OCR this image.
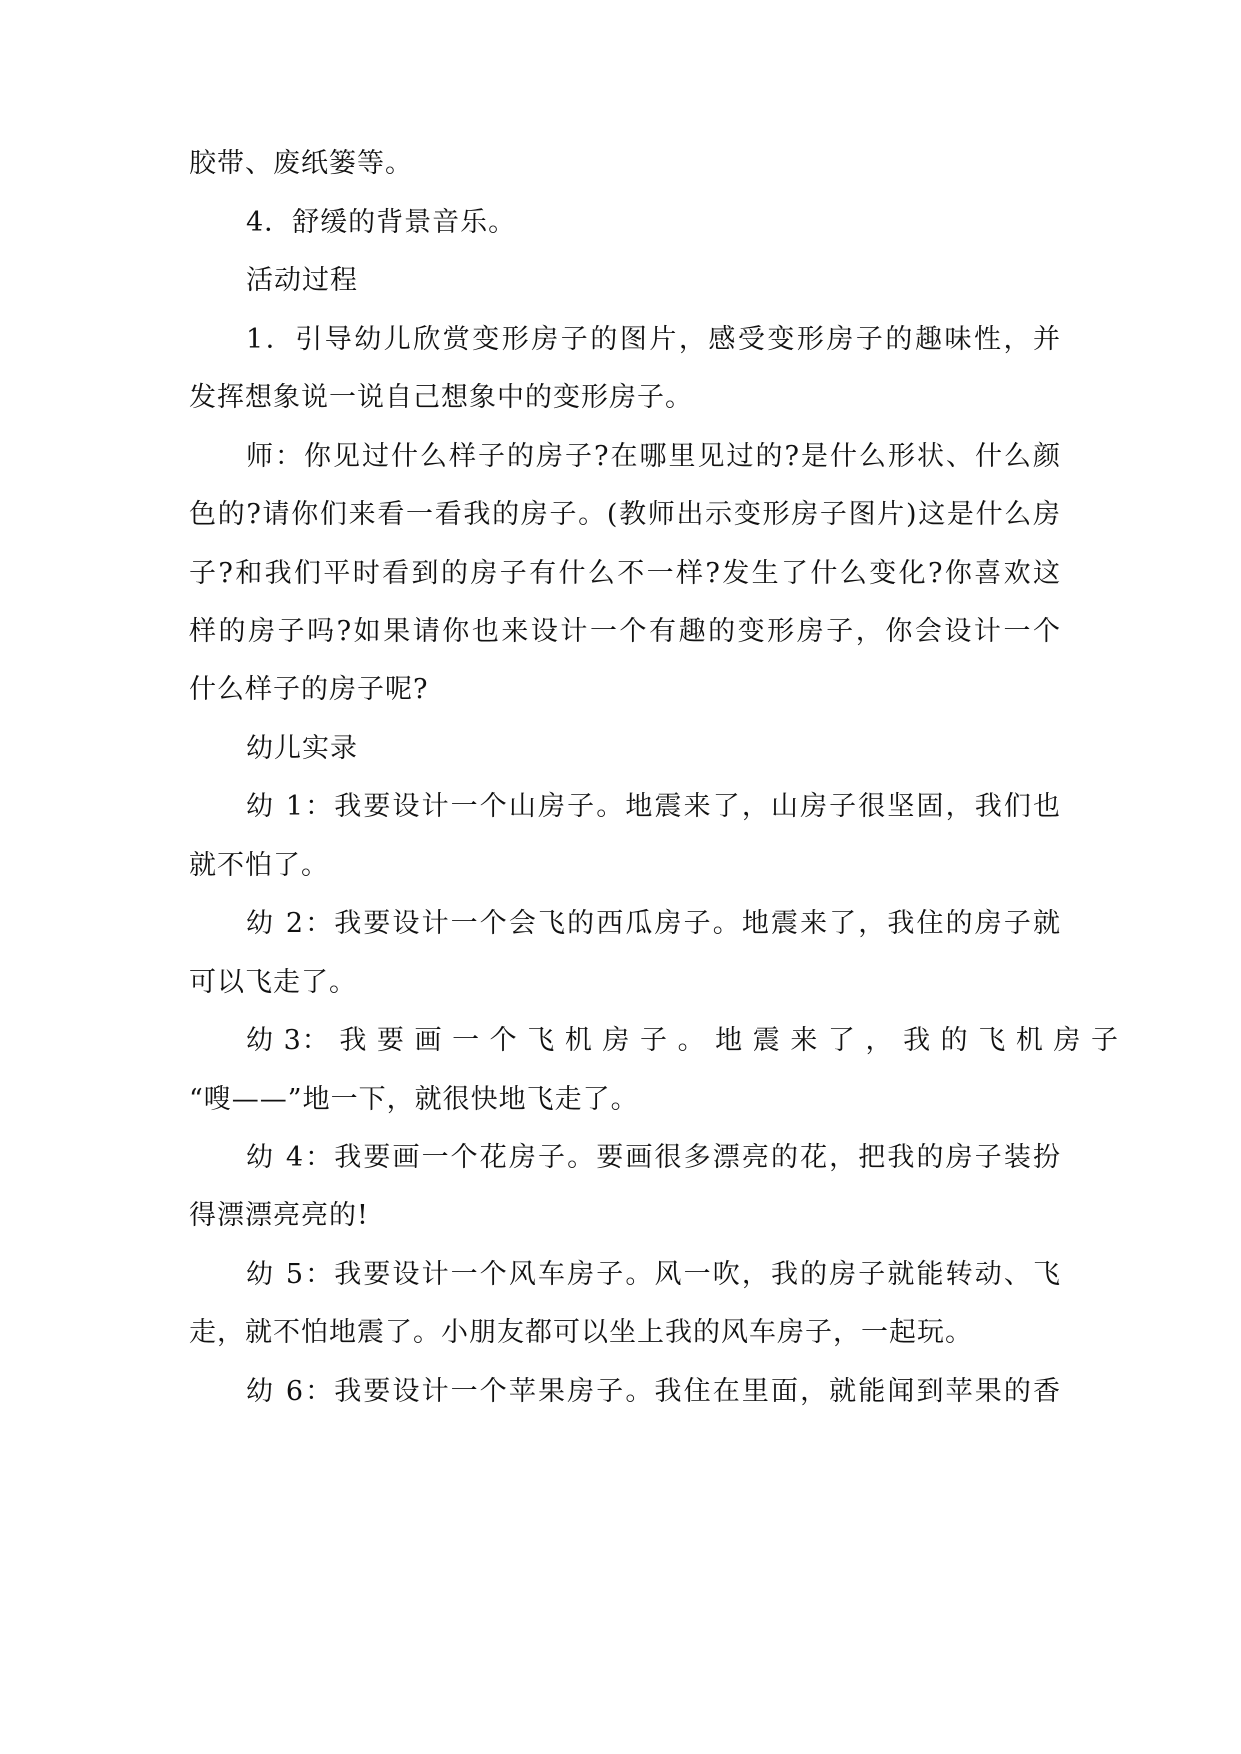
胶带、废纸篓等。
4．舒缓的背景音乐。
活动过程
1．引导幼儿欣赏变形房子的图片，感受变形房子的趣味性，并
发挥想象说一说自己想象中的变形房子。
师：你见过什么样子的房子?在哪里见过的?是什么形状、什么颜
色的?请你们来看一看我的房子。(教师出示变形房子图片)这是什么房
子?和我们平时看到的房子有什么不一样?发生了什么变化?你喜欢这
样的房子吗?如果请你也来设计一个有趣的变形房子，你会设计一个
什么样子的房子呢?
幼儿实录
幼 1：我要设计一个山房子。地震来了，山房子很坚固，我们也
就不怕了。
幼 2：我要设计一个会飞的西瓜房子。地震来了，我住的房子就
可以飞走了。
幼 3： 我 要 画 一 个 飞 机 房 子 。 地 震 来 了 ， 我 的 飞 机 房 子
“嗖——”地一下，就很快地飞走了。
幼 4：我要画一个花房子。要画很多漂亮的花，把我的房子装扮
得漂漂亮亮的!
幼 5：我要设计一个风车房子。风一吹，我的房子就能转动、飞
走，就不怕地震了。小朋友都可以坐上我的风车房子，一起玩。
幼 6：我要设计一个苹果房子。我住在里面，就能闻到苹果的香
